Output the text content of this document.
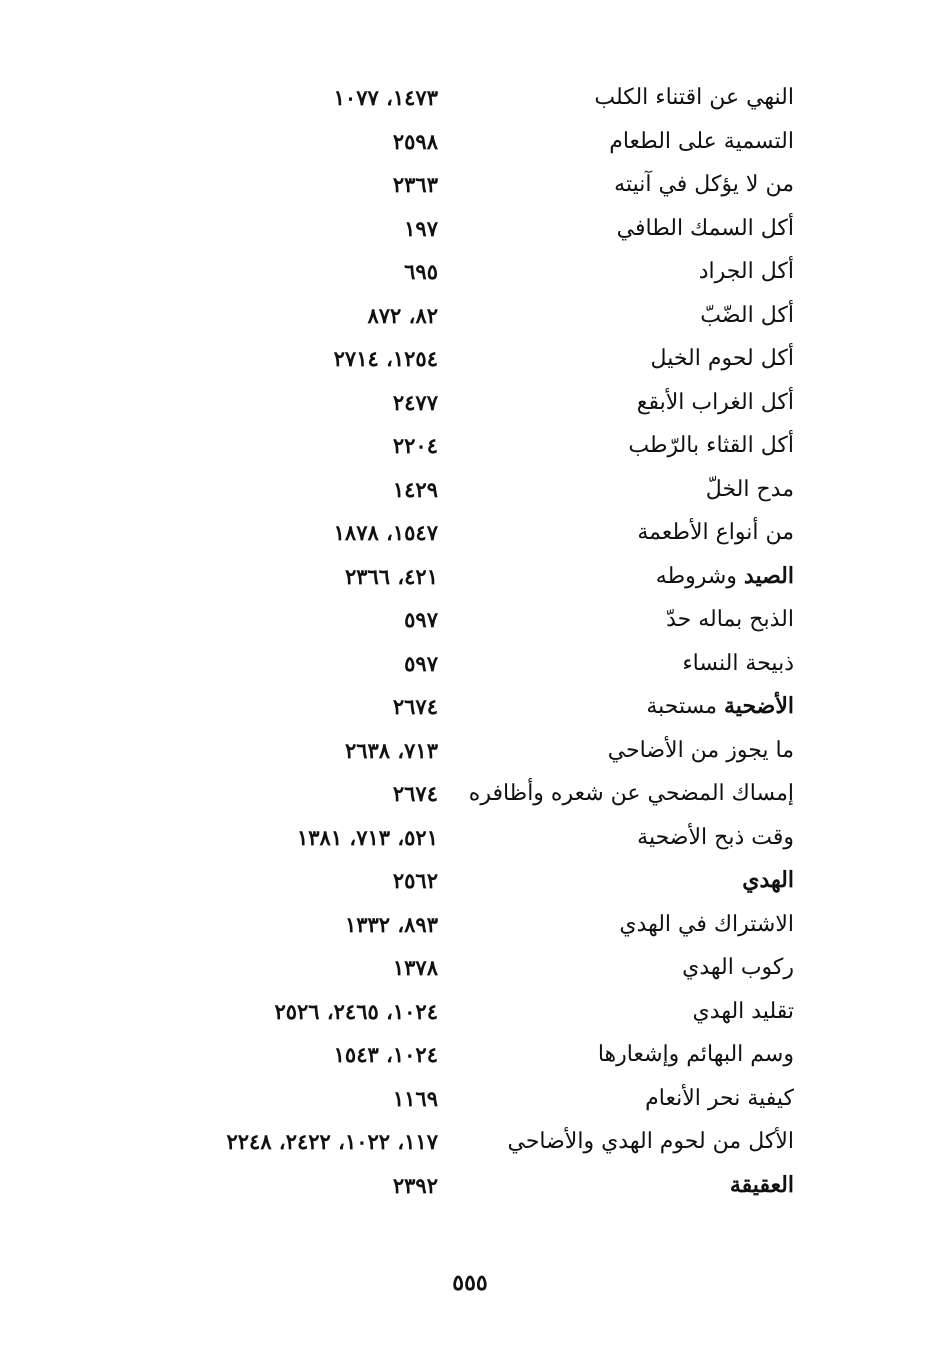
النهي عن اقتناء الكلب
١٤٧٣، ١٠٧٧
التسمية على الطعام
٢٥٩٨
من لا يؤكل في آنيته
٢٣٦٣
أكل السمك الطافي
١٩٧
أكل الجراد
٦٩٥
أكل الضّبّ
٨٢، ٨٧٢
أكل لحوم الخيل
١٢٥٤، ٢٧١٤
أكل الغراب الأبقع
٢٤٧٧
أكل القثاء بالرّطب
٢٢٠٤
مدح الخلّ
١٤٢٩
من أنواع الأطعمة
١٥٤٧، ١٨٧٨
الصيد وشروطه
٤٢١، ٢٣٦٦
الذبح بماله حدّ
٥٩٧
ذبيحة النساء
٥٩٧
الأضحية مستحبة
٢٦٧٤
ما يجوز من الأضاحي
٧١٣، ٢٦٣٨
إمساك المضحي عن شعره وأظافره
٢٦٧٤
وقت ذبح الأضحية
٥٢١، ٧١٣، ١٣٨١
الهدي
٢٥٦٢
الاشتراك في الهدي
٨٩٣، ١٣٣٢
ركوب الهدي
١٣٧٨
تقليد الهدي
١٠٢٤، ٢٤٦٥، ٢٥٢٦
وسم البهائم وإشعارها
١٠٢٤، ١٥٤٣
كيفية نحر الأنعام
١١٦٩
الأكل من لحوم الهدي والأضاحي
١١٧، ١٠٢٢، ٢٤٢٢، ٢٢٤٨
العقيقة
٢٣٩٢
٥٥٥
